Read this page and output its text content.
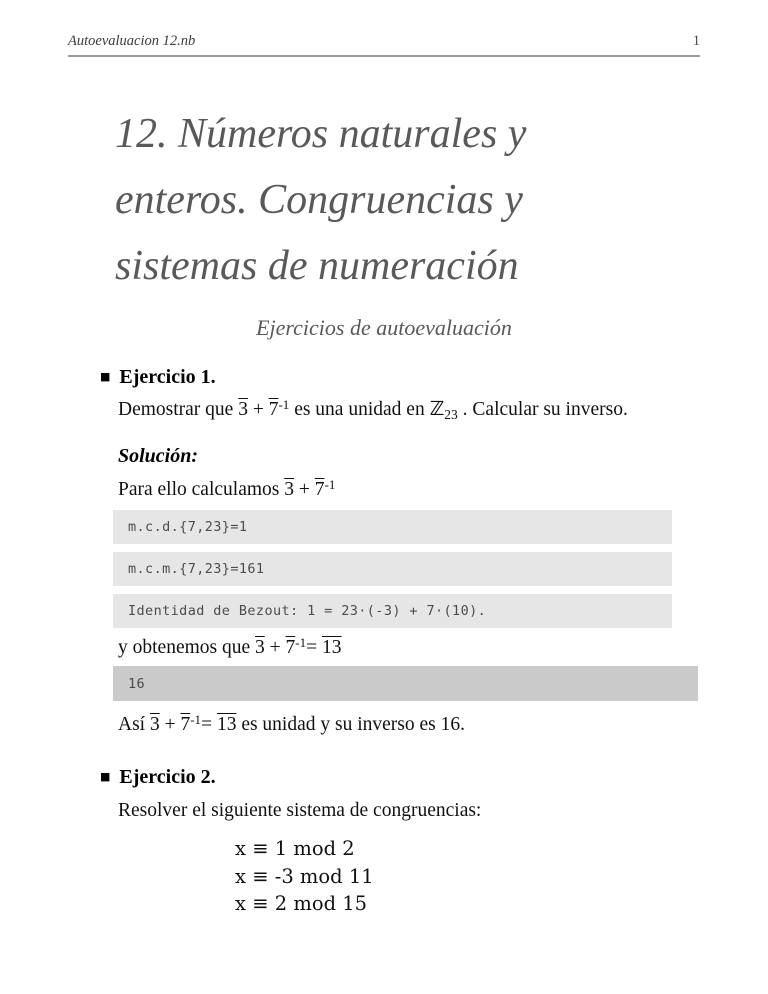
Autoevaluacion 12.nb	1
12. Números naturales y
enteros. Congruencias y
sistemas de numeración
Ejercicios de autoevaluación
■ Ejercicio 1.

Demostrar que $3 + 7^{-1}$ es una unidad en ℤ$_{23}$ . Calcular su inverso.

Solución:

Para ello calculamos $3 + 7^{-1}$

m.c.d.{7,23}=1
m.c.m.{7,23}=161
Identidad de Bezout: 1 = 23·(-3) + 7·(10).

y obtenemos que $3 + 7^{-1}= 13$

16

Así $3 + 7^{-1}= 13$ es unidad y su inverso es 16.

■ Ejercicio 2.

Resolver el siguiente sistema de congruencias:

x ≡ 1 mod 2
x ≡ -3 mod 11
x ≡ 2 mod 15
